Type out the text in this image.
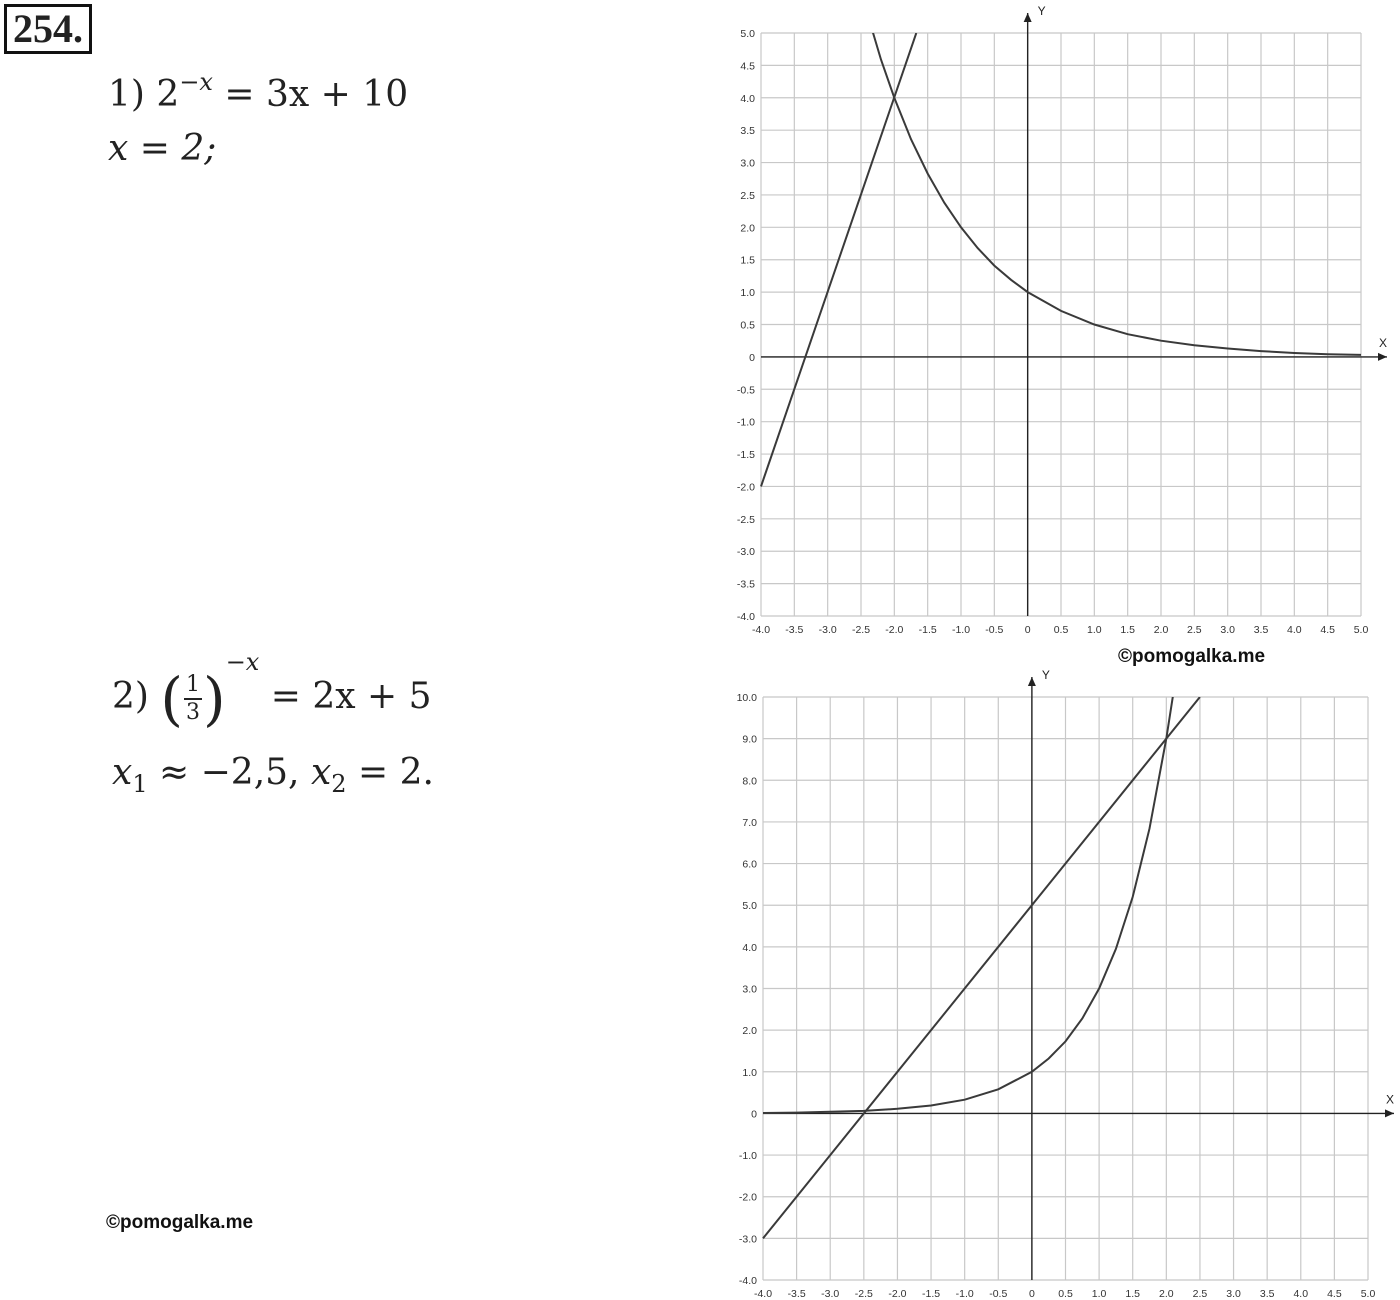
254.
1) $2^{-x} = 3x + 10$
x = 2;
2) ( $\frac{1}{3} )^{-x} = 2x + 5$
$x_1 \approx -2,5$, $x_2 = 2$.
©pomogalka.me
©pomogalka.me
X
Y
-4.0 -3.5 -3.0 -2.5 -2.0 -1.5 -1.0 -0.5 0 0.5 1.0 1.5 2.0 2.5 3.0 3.5 4.0 4.5 5.0
5.0
4.5
4.0
3.5
3.0
2.5
2.0
1.5
1.0
0.5
0
-0.5
-1.0
-1.5
-2.0
-2.5
-3.0
-3.5
-4.0
X
Y
-4.0 -3.5 -3.0 -2.5 -2.0 -1.5 -1.0 -0.5 0 0.5 1.0 1.5 2.0 2.5 3.0 3.5 4.0 4.5 5.0
10.0
9.0
8.0
7.0
6.0
5.0
4.0
3.0
2.0
1.0
0
-1.0
-2.0
-3.0
-4.0
